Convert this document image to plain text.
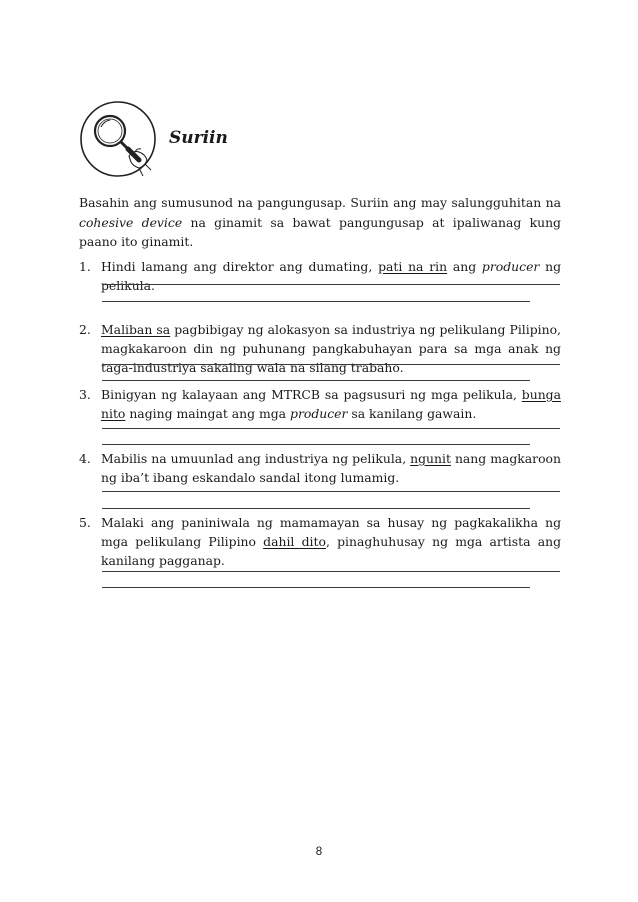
Suriin
Basahin ang sumusunod na pangungusap. Suriin ang may salungguhitan na cohesive device na ginamit sa bawat pangungusap at ipaliwanag kung paano ito ginamit.
1. Hindi lamang ang direktor ang dumating, pati na rin ang producer ng pelikula.
2. Maliban sa pagbibigay ng alokasyon sa industriya ng pelikulang Pilipino, magkakaroon din ng puhunang pangkabuhayan para sa mga anak ng taga-industriya sakaling wala na silang trabaho.
3. Binigyan ng kalayaan ang MTRCB sa pagsusuri ng mga pelikula, bunga nito naging maingat ang mga producer sa kanilang gawain.
4. Mabilis na umuunlad ang industriya ng pelikula, ngunit nang magkaroon ng iba’t ibang eskandalo sandal itong lumamig.
5. Malaki ang paniniwala ng mamamayan sa husay ng pagkakalikha ng mga pelikulang Pilipino dahil dito, pinaghuhusay ng mga artista ang kanilang pagganap.
8
